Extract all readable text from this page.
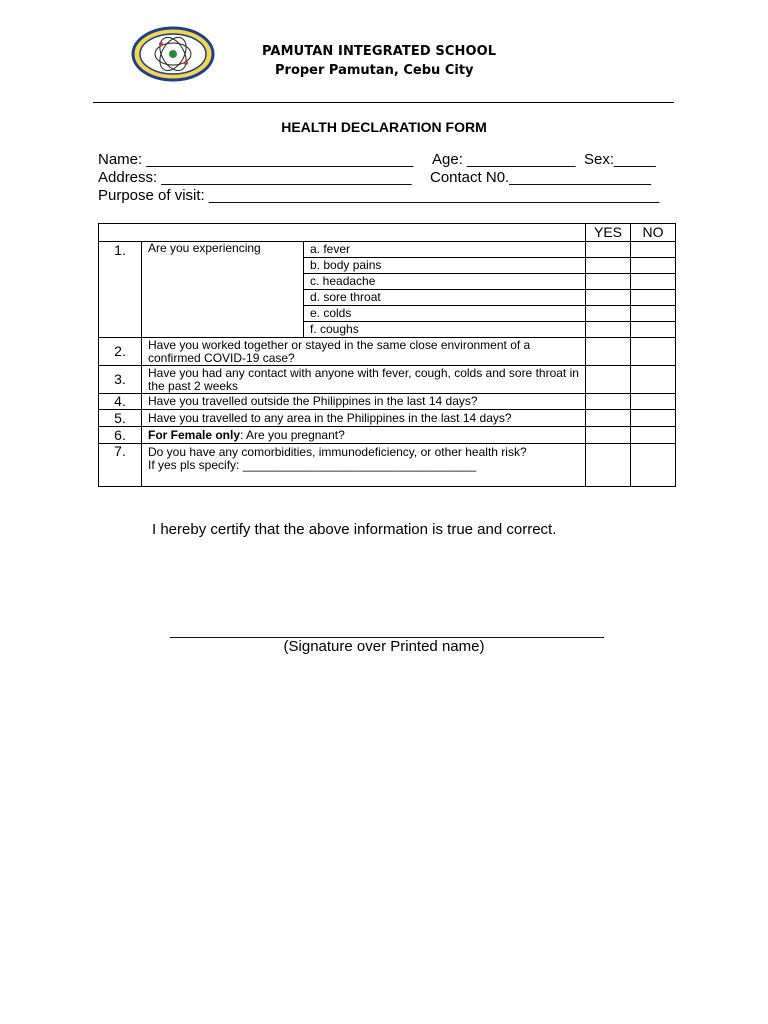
PAMUTAN INTEGRATED SCHOOL
Proper Pamutan, Cebu City
HEALTH DECLARATION FORM
Name: ________________________________ Age: _____________ Sex:_____
Address: ______________________________ Contact N0._________________
Purpose of visit: ______________________________________________________
			YES	NO
1.	Are you experiencing	a. fever		
		b. body pains		
		c. headache		
		d. sore throat		
		e. colds		
		f. coughs		
2.	Have you worked together or stayed in the same close environment of a confirmed COVID-19 case?			
3.	Have you had any contact with anyone with fever, cough, colds and sore throat in the past 2 weeks			
4.	Have you travelled outside the Philippines in the last 14 days?			
5.	Have you travelled to any area in the Philippines in the last 14 days?			
6.	For Female only: Are you pregnant?			
7.	Do you have any comorbidities, immunodeficiency, or other health risk?
If yes pls specify: ___________________________________			

I hereby certify that the above information is true and correct.
____________________________________________________
(Signature over Printed name)
